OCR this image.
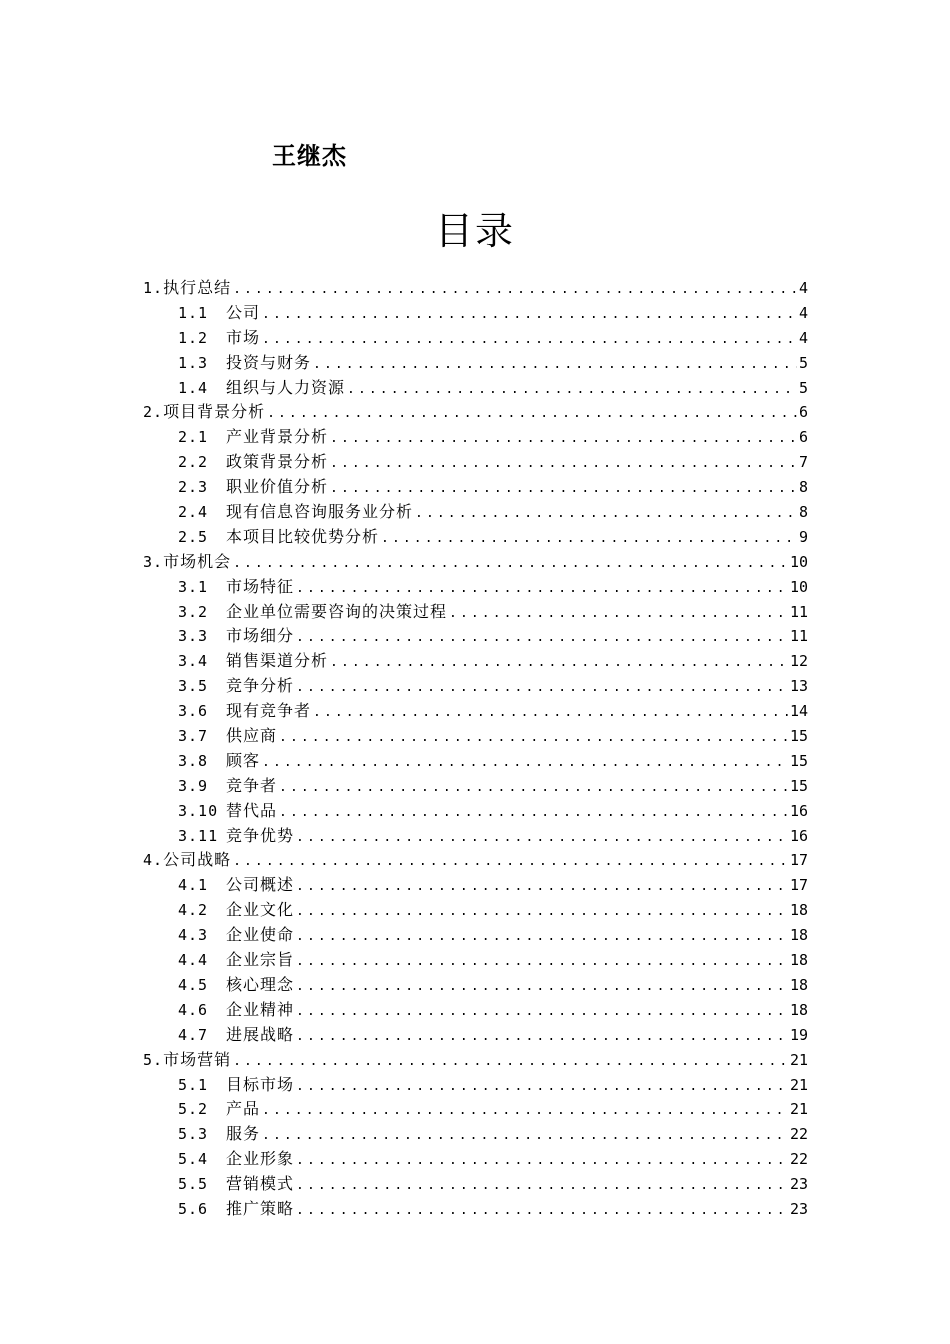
王继杰
目录
1. 执行总结 .....	4
1.1	公司 .....	4
1.2	市场 .....	4
1.3	投资与财务 .....	5
1.4	组织与人力资源 .....	5
2. 项目背景分析 .....	6
2.1	产业背景分析 .....	6
2.2	政策背景分析 .....	7
2.3	职业价值分析 .....	8
2.4	现有信息咨询服务业分析 .....	8
2.5	本项目比较优势分析 .....	9
3. 市场机会 .....	10
3.1	市场特征 .....	10
3.2	企业单位需要咨询的决策过程 .....	11
3.3	市场细分 .....	11
3.4	销售渠道分析 .....	12
3.5	竞争分析 .....	13
3.6	现有竞争者 .....	14
3.7	供应商 .....	15
3.8	顾客 .....	15
3.9	竞争者 .....	15
3.10 替代品 .....	16
3.11 竞争优势 .....	16
4. 公司战略 .....	17
4.1	公司概述 .....	17
4.2	企业文化 .....	18
4.3	企业使命 .....	18
4.4	企业宗旨 .....	18
4.5	核心理念 .....	18
4.6	企业精神 .....	18
4.7	进展战略 .....	19
5. 市场营销 .....	21
5.1	目标市场 .....	21
5.2	产品 .....	21
5.3	服务 .....	22
5.4	企业形象 .....	22
5.5	营销模式 .....	23
5.6	推广策略 .....	23
